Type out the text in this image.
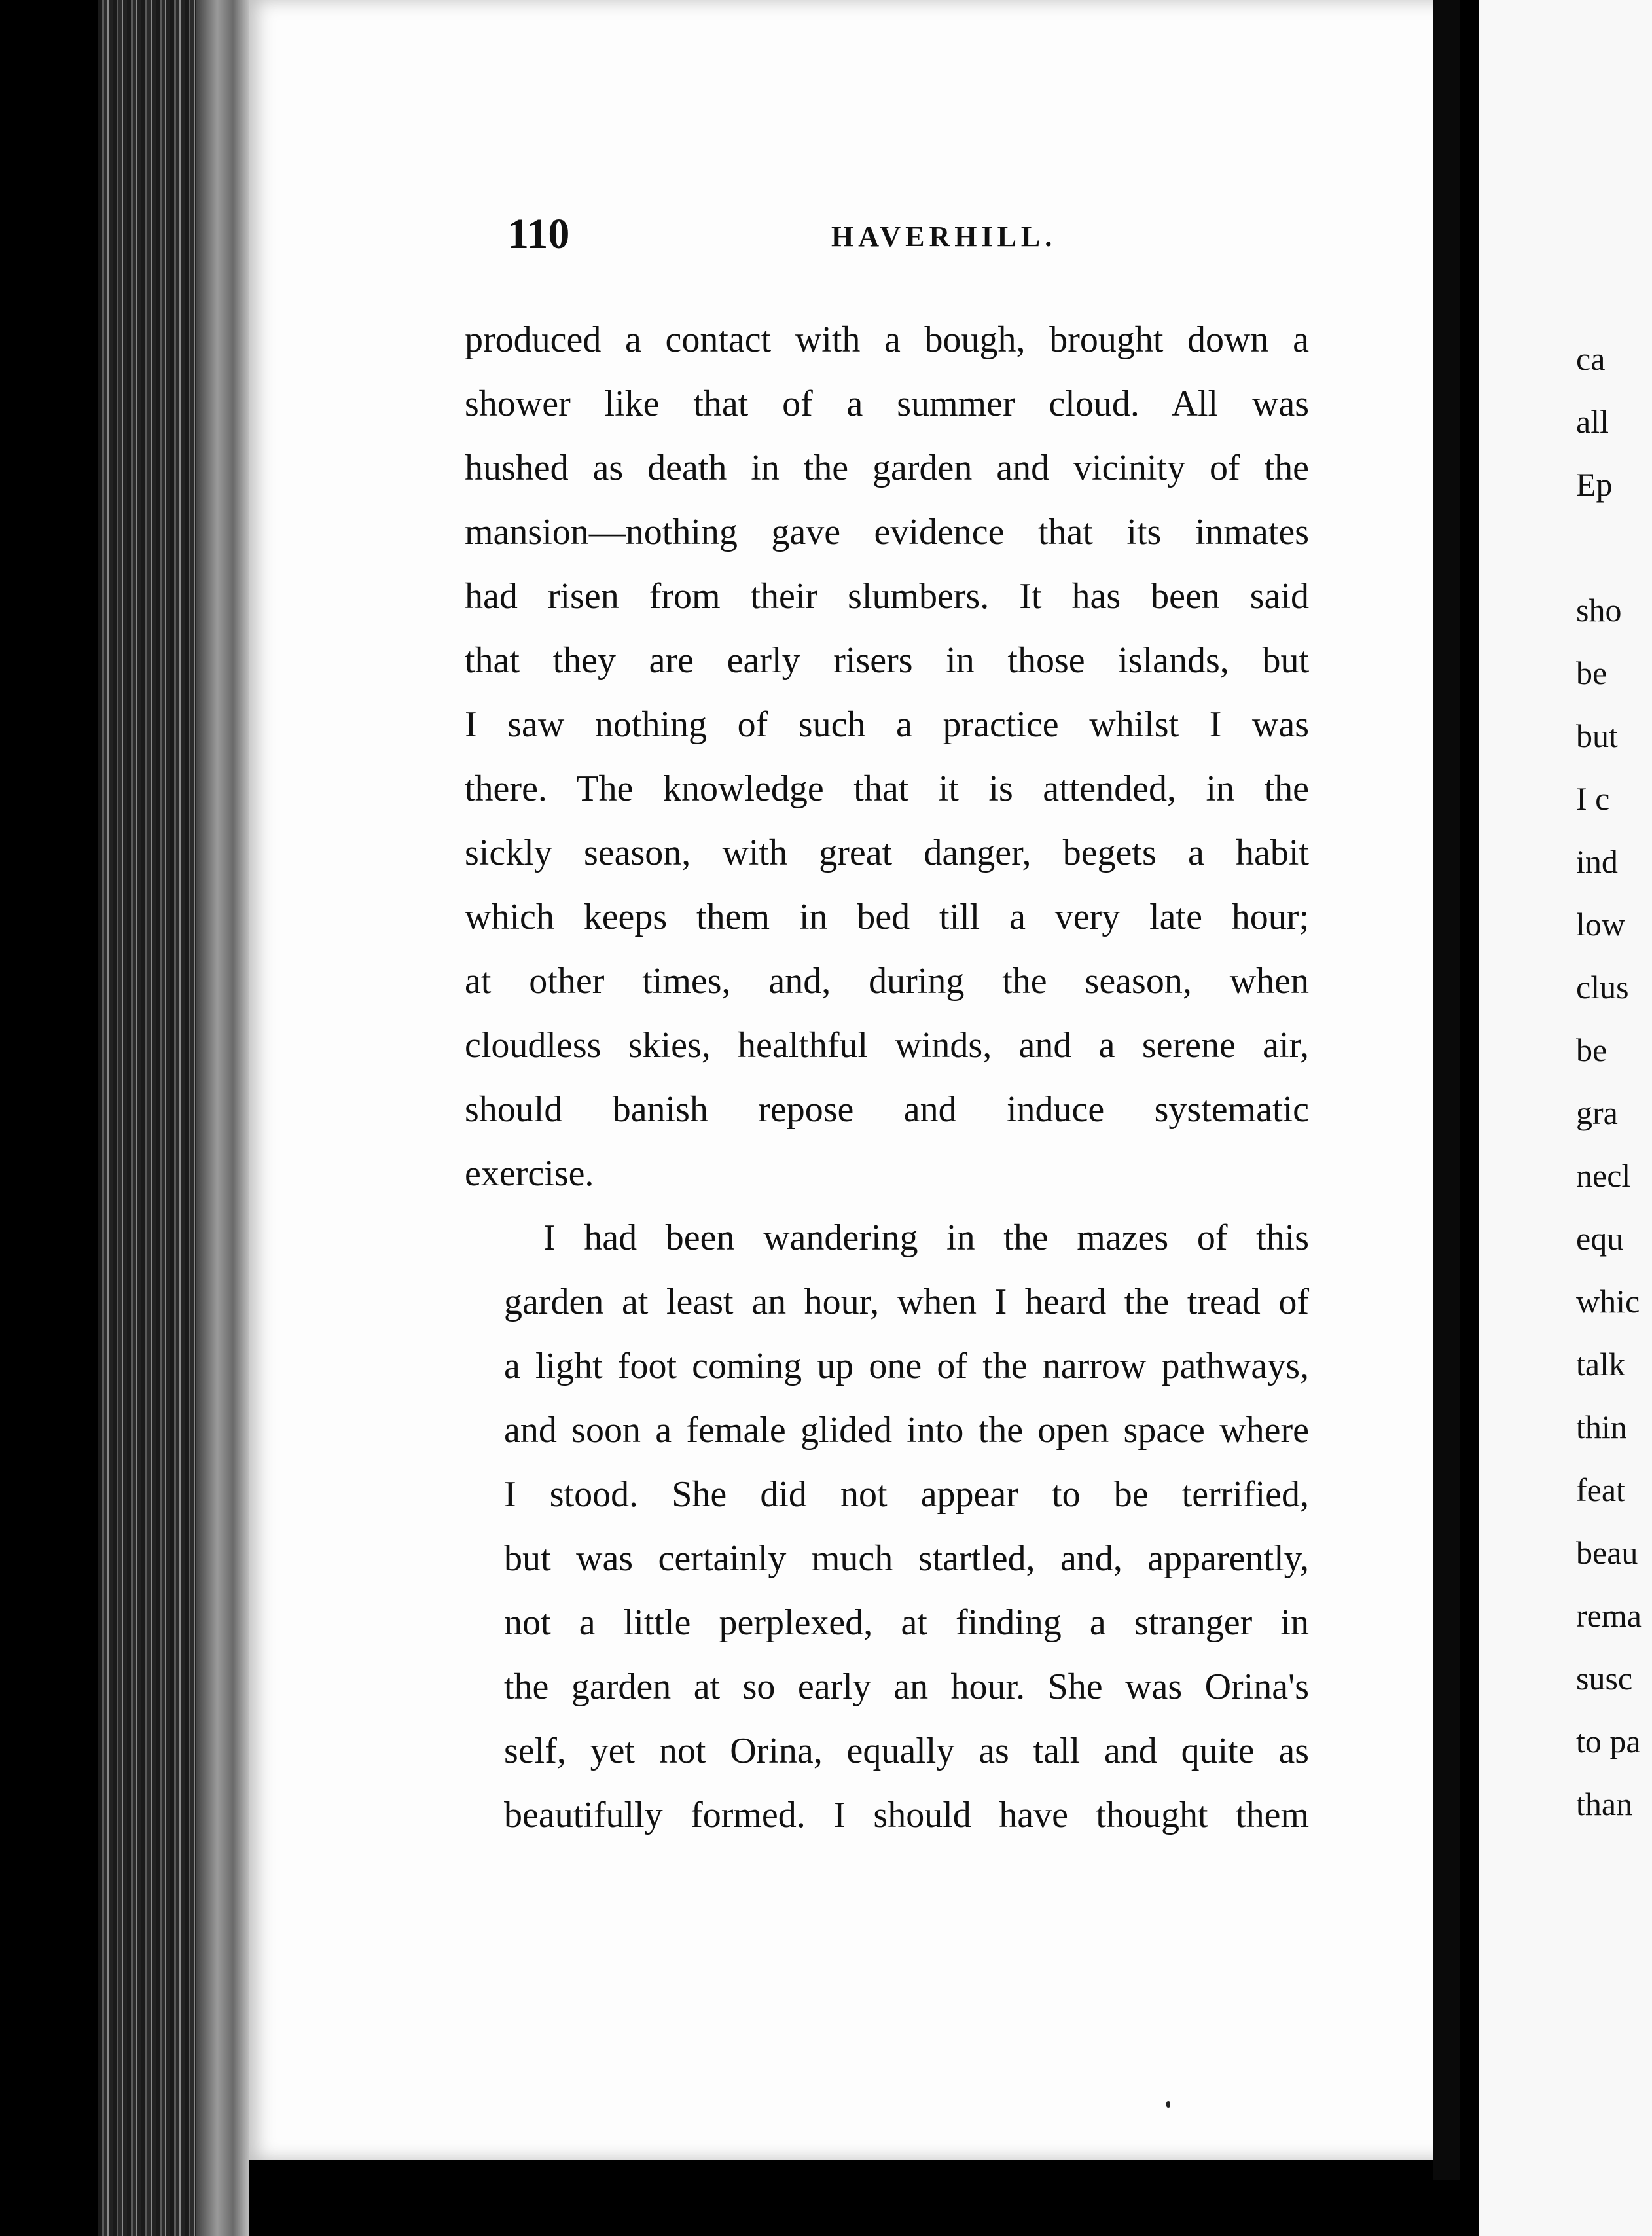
110	HAVERHILL.

produced a contact with a bough, brought down a
shower like that of a summer cloud. All was
hushed as death in the garden and vicinity of the
mansion—nothing gave evidence that its inmates
had risen from their slumbers. It has been said
that they are early risers in those islands, but
I saw nothing of such a practice whilst I was
there. The knowledge that it is attended, in the
sickly season, with great danger, begets a habit
which keeps them in bed till a very late hour;
at other times, and, during the season, when
cloudless skies, healthful winds, and a serene air,
should banish repose and induce systematic
exercise.

I had been wandering in the mazes of this
garden at least an hour, when I heard the tread of
a light foot coming up one of the narrow pathways,
and soon a female glided into the open space where
I stood. She did not appear to be terrified,
but was certainly much startled, and, apparently,
not a little perplexed, at finding a stranger in
the garden at so early an hour. She was Orina's
self, yet not Orina, equally as tall and quite as
beautifully formed. I should have thought them

ca
all
Ep
sho
be
but
I c
ind
low
clus
be
gra
necl
equ
whic
talk
thin
feat
beau
rema
susc
to pa
than
